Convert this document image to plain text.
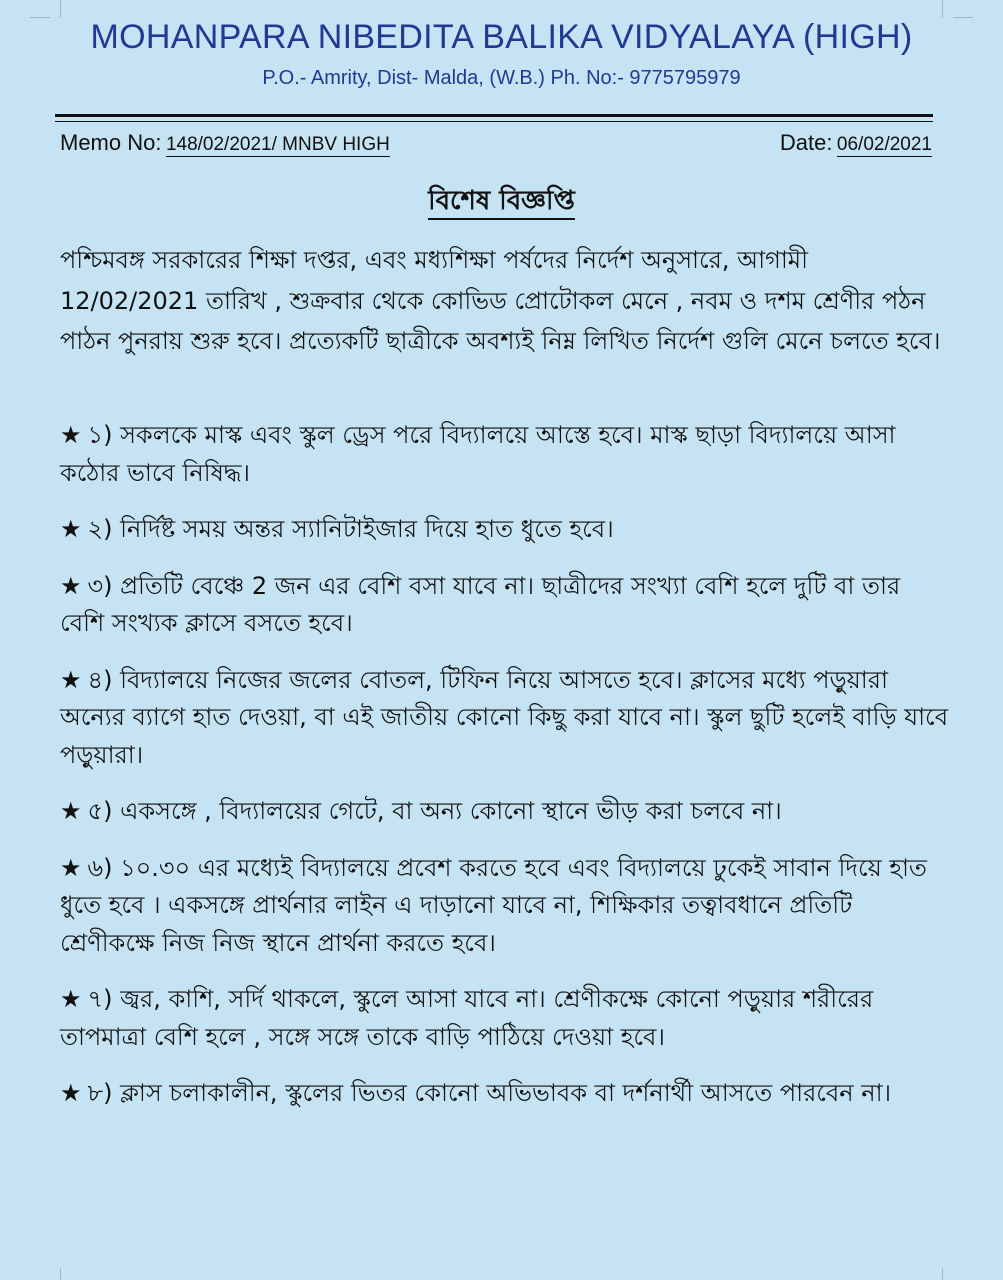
MOHANPARA NIBEDITA BALIKA VIDYALAYA (HIGH)
P.O.- Amrity, Dist- Malda, (W.B.) Ph. No:- 9775795979
Memo No: 148/02/2021/ MNBV HIGH	Date: 06/02/2021
বিশেষ বিজ্ঞপ্তি
পশ্চিমবঙ্গ সরকারের শিক্ষা দপ্তর, এবং মধ্যশিক্ষা পর্ষদের নির্দেশ অনুসারে, আগামী 12/02/2021 তারিখ , শুক্রবার থেকে কোভিড প্রোটোকল মেনে , নবম ও দশম শ্রেণীর পঠন পাঠন পুনরায় শুরু হবে। প্রত্যেকটি ছাত্রীকে অবশ্যই নিম্ন লিখিত নির্দেশ গুলি মেনে চলতে হবে।
★ ১) সকলকে মাস্ক এবং স্কুল ড্রেস পরে বিদ্যালয়ে আস্তে হবে। মাস্ক ছাড়া বিদ্যালয়ে আসা কঠোর ভাবে নিষিদ্ধ।
★ ২) নির্দিষ্ট সময় অন্তর স্যানিটাইজার দিয়ে হাত ধুতে হবে।
★ ৩) প্রতিটি বেঞ্চে 2 জন এর বেশি বসা যাবে না। ছাত্রীদের সংখ্যা বেশি হলে দুটি বা তার বেশি সংখ্যক ক্লাসে বসতে হবে।
★ ৪) বিদ্যালয়ে নিজের জলের বোতল, টিফিন নিয়ে আসতে হবে। ক্লাসের মধ্যে পড়ুয়ারা অন্যের ব্যাগে হাত দেওয়া, বা এই জাতীয় কোনো কিছু করা যাবে না। স্কুল ছুটি হলেই বাড়ি যাবে পড়ুয়ারা।
★ ৫) একসঙ্গে , বিদ্যালয়ের গেটে, বা অন্য কোনো স্থানে ভীড় করা চলবে না।
★ ৬) ১০.৩০ এর মধ্যেই বিদ্যালয়ে প্রবেশ করতে হবে এবং বিদ্যালয়ে ঢুকেই সাবান দিয়ে হাত ধুতে হবে । একসঙ্গে প্রার্থনার লাইন এ দাড়ানো যাবে না, শিক্ষিকার তত্বাবধানে প্রতিটি শ্রেণীকক্ষে নিজ নিজ স্থানে প্রার্থনা করতে হবে।
★ ৭) জ্বর, কাশি, সর্দি থাকলে, স্কুলে আসা যাবে না। শ্রেণীকক্ষে কোনো পড়ুয়ার শরীরের তাপমাত্রা বেশি হলে , সঙ্গে সঙ্গে তাকে বাড়ি পাঠিয়ে দেওয়া হবে।
★ ৮) ক্লাস চলাকালীন, স্কুলের ভিতর কোনো অভিভাবক বা দর্শনার্থী আসতে পারবেন না।
